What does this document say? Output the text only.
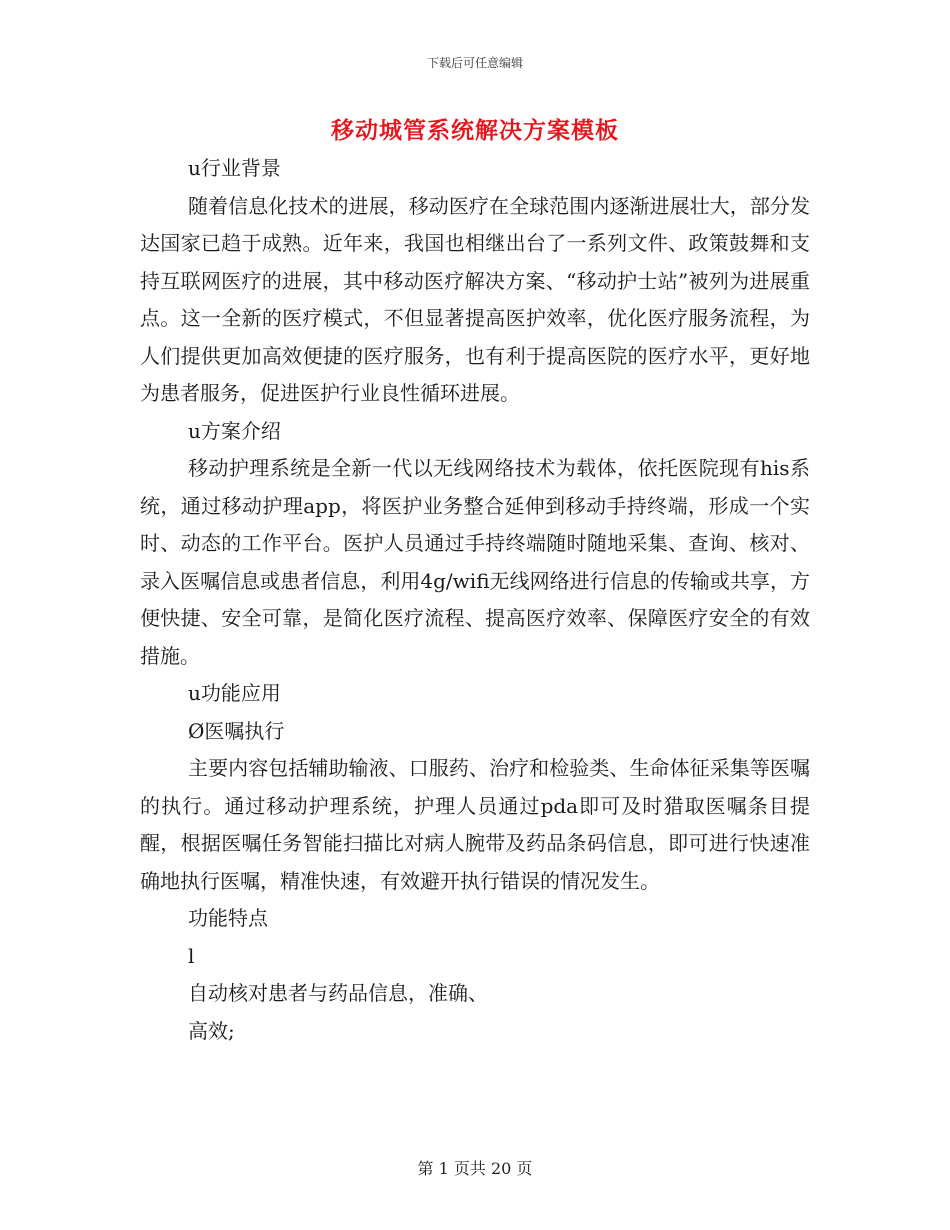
下载后可任意编辑
移动城管系统解决方案模板

u行业背景

随着信息化技术的进展，移动医疗在全球范围内逐渐进展壮大，部分发达国家已趋于成熟。近年来，我国也相继出台了一系列文件、政策鼓舞和支持互联网医疗的进展，其中移动医疗解决方案、“移动护士站”被列为进展重点。这一全新的医疗模式，不但显著提高医护效率，优化医疗服务流程，为人们提供更加高效便捷的医疗服务，也有利于提高医院的医疗水平，更好地为患者服务，促进医护行业良性循环进展。

u方案介绍

移动护理系统是全新一代以无线网络技术为载体，依托医院现有his系统，通过移动护理app，将医护业务整合延伸到移动手持终端，形成一个实时、动态的工作平台。医护人员通过手持终端随时随地采集、查询、核对、录入医嘱信息或患者信息，利用4g/wifi无线网络进行信息的传输或共享，方便快捷、安全可靠，是简化医疗流程、提高医疗效率、保障医疗安全的有效措施。

u功能应用

Ø医嘱执行

主要内容包括辅助输液、口服药、治疗和检验类、生命体征采集等医嘱的执行。通过移动护理系统，护理人员通过pda即可及时猎取医嘱条目提醒，根据医嘱任务智能扫描比对病人腕带及药品条码信息，即可进行快速准确地执行医嘱，精准快速，有效避开执行错误的情况发生。

功能特点

l

自动核对患者与药品信息，准确、

高效;

第 1 页共 20 页
